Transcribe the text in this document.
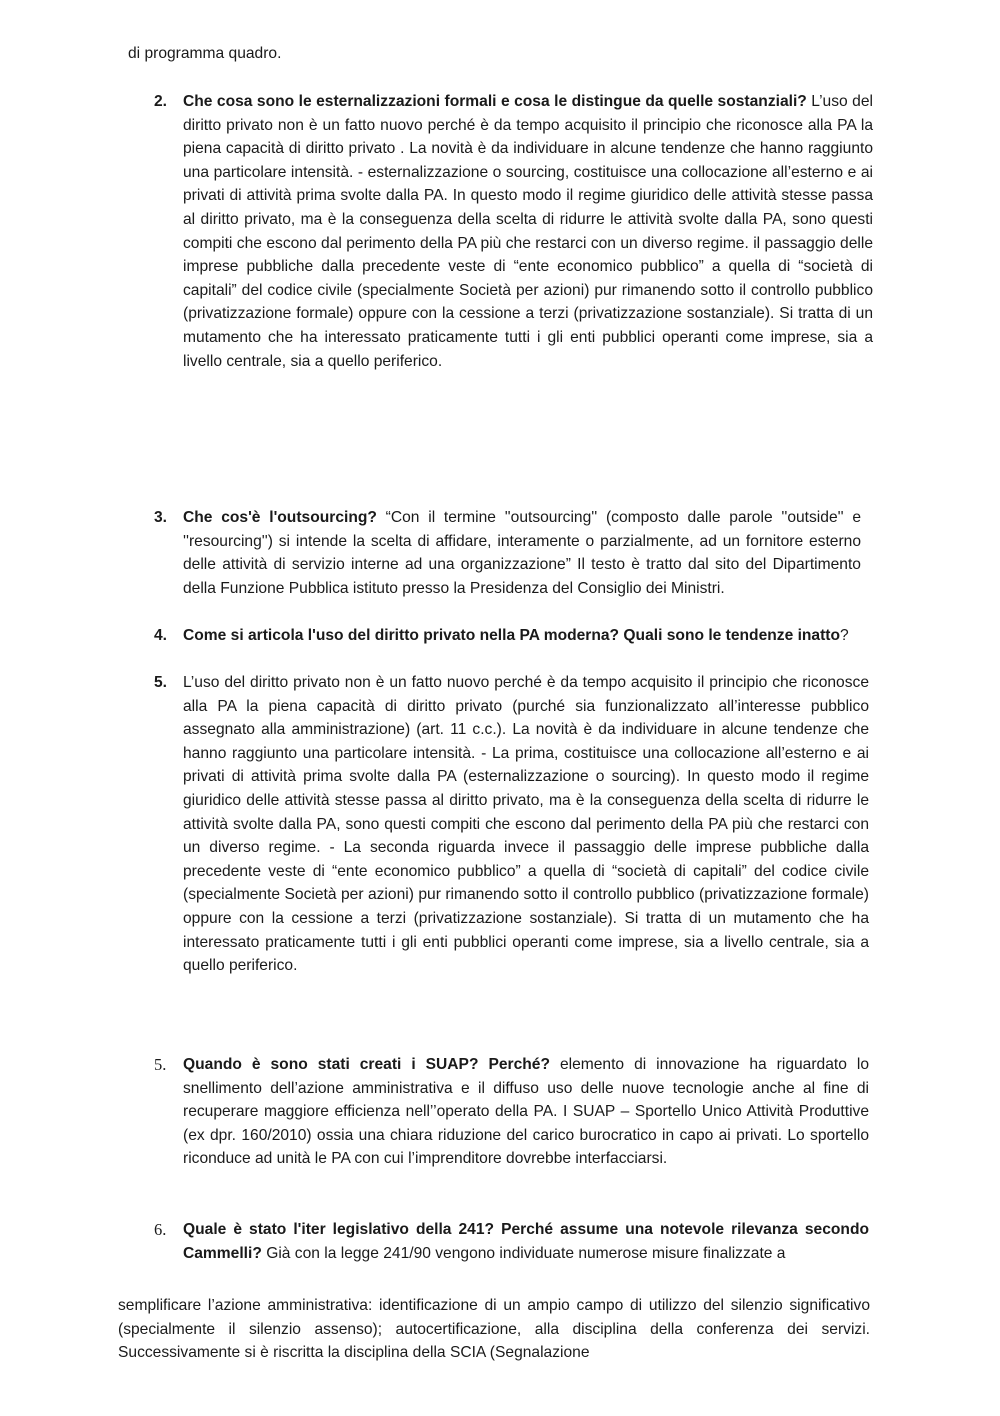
di programma quadro.

2. Che cosa sono le esternalizzazioni formali e cosa le distingue da quelle sostanziali? L’uso del diritto privato non è un fatto nuovo perché è da tempo acquisito il principio che riconosce alla PA la piena capacità di diritto privato . La novità è da individuare in alcune tendenze che hanno raggiunto una particolare intensità. - esternalizzazione o sourcing, costituisce una collocazione all’esterno e ai privati di attività prima svolte dalla PA. In questo modo il regime giuridico delle attività stesse passa al diritto privato, ma è la conseguenza della scelta di ridurre le attività svolte dalla PA, sono questi compiti che escono dal perimento della PA più che restarci con un diverso regime. il passaggio delle imprese pubbliche dalla precedente veste di “ente economico pubblico” a quella di “società di capitali” del codice civile (specialmente Società per azioni) pur rimanendo sotto il controllo pubblico (privatizzazione formale) oppure con la cessione a terzi (privatizzazione sostanziale). Si tratta di un mutamento che ha interessato praticamente tutti i gli enti pubblici operanti come imprese, sia a livello centrale, sia a quello periferico.
3. Che cos'è l'outsourcing? “Con il termine ''outsourcing'' (composto dalle parole ''outside'' e ''resourcing'') si intende la scelta di affidare, interamente o parzialmente, ad un fornitore esterno delle attività di servizio interne ad una organizzazione” Il testo è tratto dal sito del Dipartimento della Funzione Pubblica istituto presso la Presidenza del Consiglio dei Ministri.
4. Come si articola l'uso del diritto privato nella PA moderna? Quali sono le tendenze inatto?
5. L’uso del diritto privato non è un fatto nuovo perché è da tempo acquisito il principio che riconosce alla PA la piena capacità di diritto privato (purché sia funzionalizzato all’interesse pubblico assegnato alla amministrazione) (art. 11 c.c.). La novità è da individuare in alcune tendenze che hanno raggiunto una particolare intensità. - La prima, costituisce una collocazione all’esterno e ai privati di attività prima svolte dalla PA (esternalizzazione o sourcing). In questo modo il regime giuridico delle attività stesse passa al diritto privato, ma è la conseguenza della scelta di ridurre le attività svolte dalla PA, sono questi compiti che escono dal perimento della PA più che restarci con un diverso regime. - La seconda riguarda invece il passaggio delle imprese pubbliche dalla precedente veste di “ente economico pubblico” a quella di “società di capitali” del codice civile (specialmente Società per azioni) pur rimanendo sotto il controllo pubblico (privatizzazione formale) oppure con la cessione a terzi (privatizzazione sostanziale). Si tratta di un mutamento che ha interessato praticamente tutti i gli enti pubblici operanti come imprese, sia a livello centrale, sia a quello periferico.
5. Quando è sono stati creati i SUAP? Perché? elemento di innovazione ha riguardato lo snellimento dell’azione amministrativa e il diffuso uso delle nuove tecnologie anche al fine di recuperare maggiore efficienza nell’’operato della PA. I SUAP – Sportello Unico Attività Produttive (ex dpr. 160/2010) ossia una chiara riduzione del carico burocratico in capo ai privati. Lo sportello riconduce ad unità le PA con cui l’imprenditore dovrebbe interfacciarsi.
6. Quale è stato l'iter legislativo della 241? Perché assume una notevole rilevanza secondo Cammelli? Già con la legge 241/90 vengono individuate numerose misure finalizzate a

semplificare l’azione amministrativa: identificazione di un ampio campo di utilizzo del silenzio significativo (specialmente il silenzio assenso); autocertificazione, alla disciplina della conferenza dei servizi. Successivamente si è riscritta la disciplina della SCIA (Segnalazione
